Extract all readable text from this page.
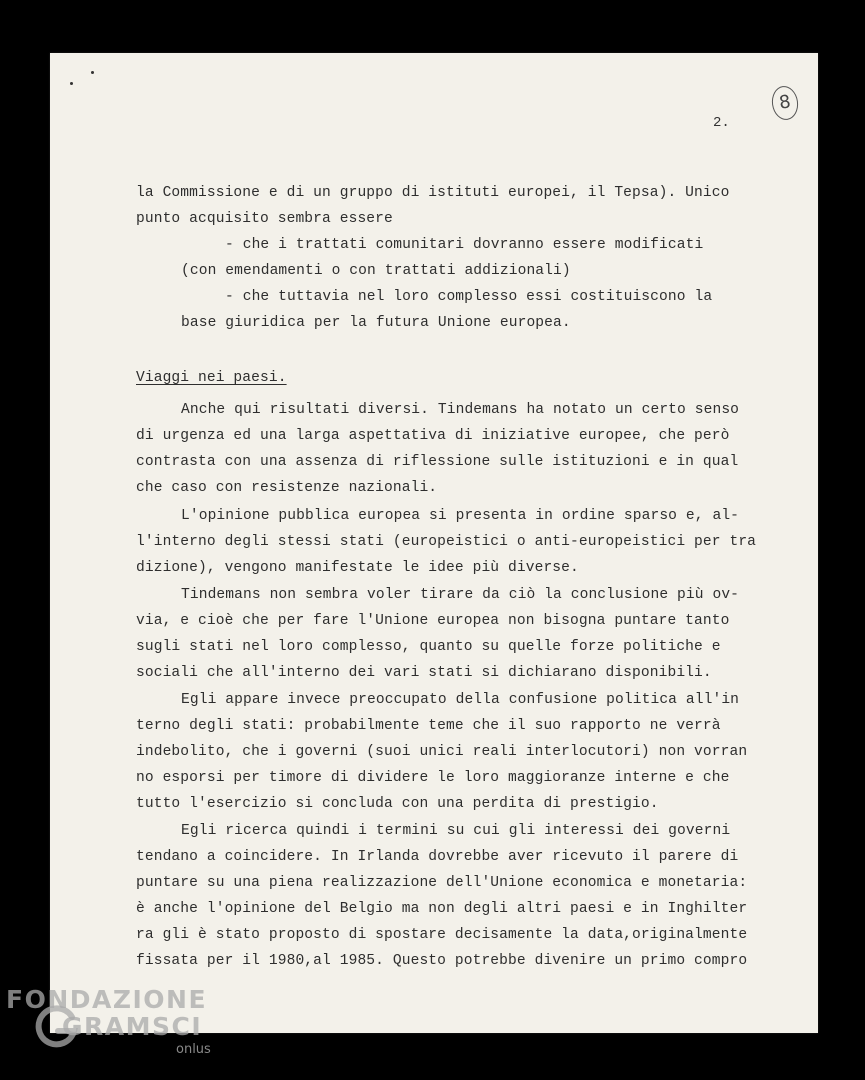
8
2.
la Commissione e di un gruppo di istituti europei, il Tepsa). Unico
punto acquisito sembra essere
- che i trattati comunitari dovranno essere modificati
(con emendamenti o con trattati addizionali)
- che tuttavia nel loro complesso essi costituiscono la
base giuridica per la futura Unione europea.
Viaggi nei paesi.
Anche qui risultati diversi. Tindemans ha notato un certo senso
di urgenza ed una larga aspettativa di iniziative europee, che però
contrasta con una assenza di riflessione sulle istituzioni e in qual
che caso con resistenze nazionali.
L'opinione pubblica europea si presenta in ordine sparso e, al-
l'interno degli stessi stati (europeistici o anti-europeistici per tra
dizione), vengono manifestate le idee più diverse.
Tindemans non sembra voler tirare da ciò la conclusione più ov-
via, e cioè che per fare l'Unione europea non bisogna puntare tanto
sugli stati nel loro complesso, quanto su quelle forze politiche e
sociali che all'interno dei vari stati si dichiarano disponibili.
Egli appare invece preoccupato della confusione politica all'in
terno degli stati: probabilmente teme che il suo rapporto ne verrà
indebolito, che i governi (suoi unici reali interlocutori) non vorran
no esporsi per timore di dividere le loro maggioranze interne e che
tutto l'esercizio si concluda con una perdita di prestigio.
Egli ricerca quindi i termini su cui gli interessi dei governi
tendano a coincidere. In Irlanda dovrebbe aver ricevuto il parere di
puntare su una piena realizzazione dell'Unione economica e monetaria:
è anche l'opinione del Belgio ma non degli altri paesi e in Inghilter
ra gli è stato proposto di spostare decisamente la data,originalmente
fissata per il 1980,al 1985. Questo potrebbe divenire un primo compro
FONDAZIONE
GRAMSCI
onlus
